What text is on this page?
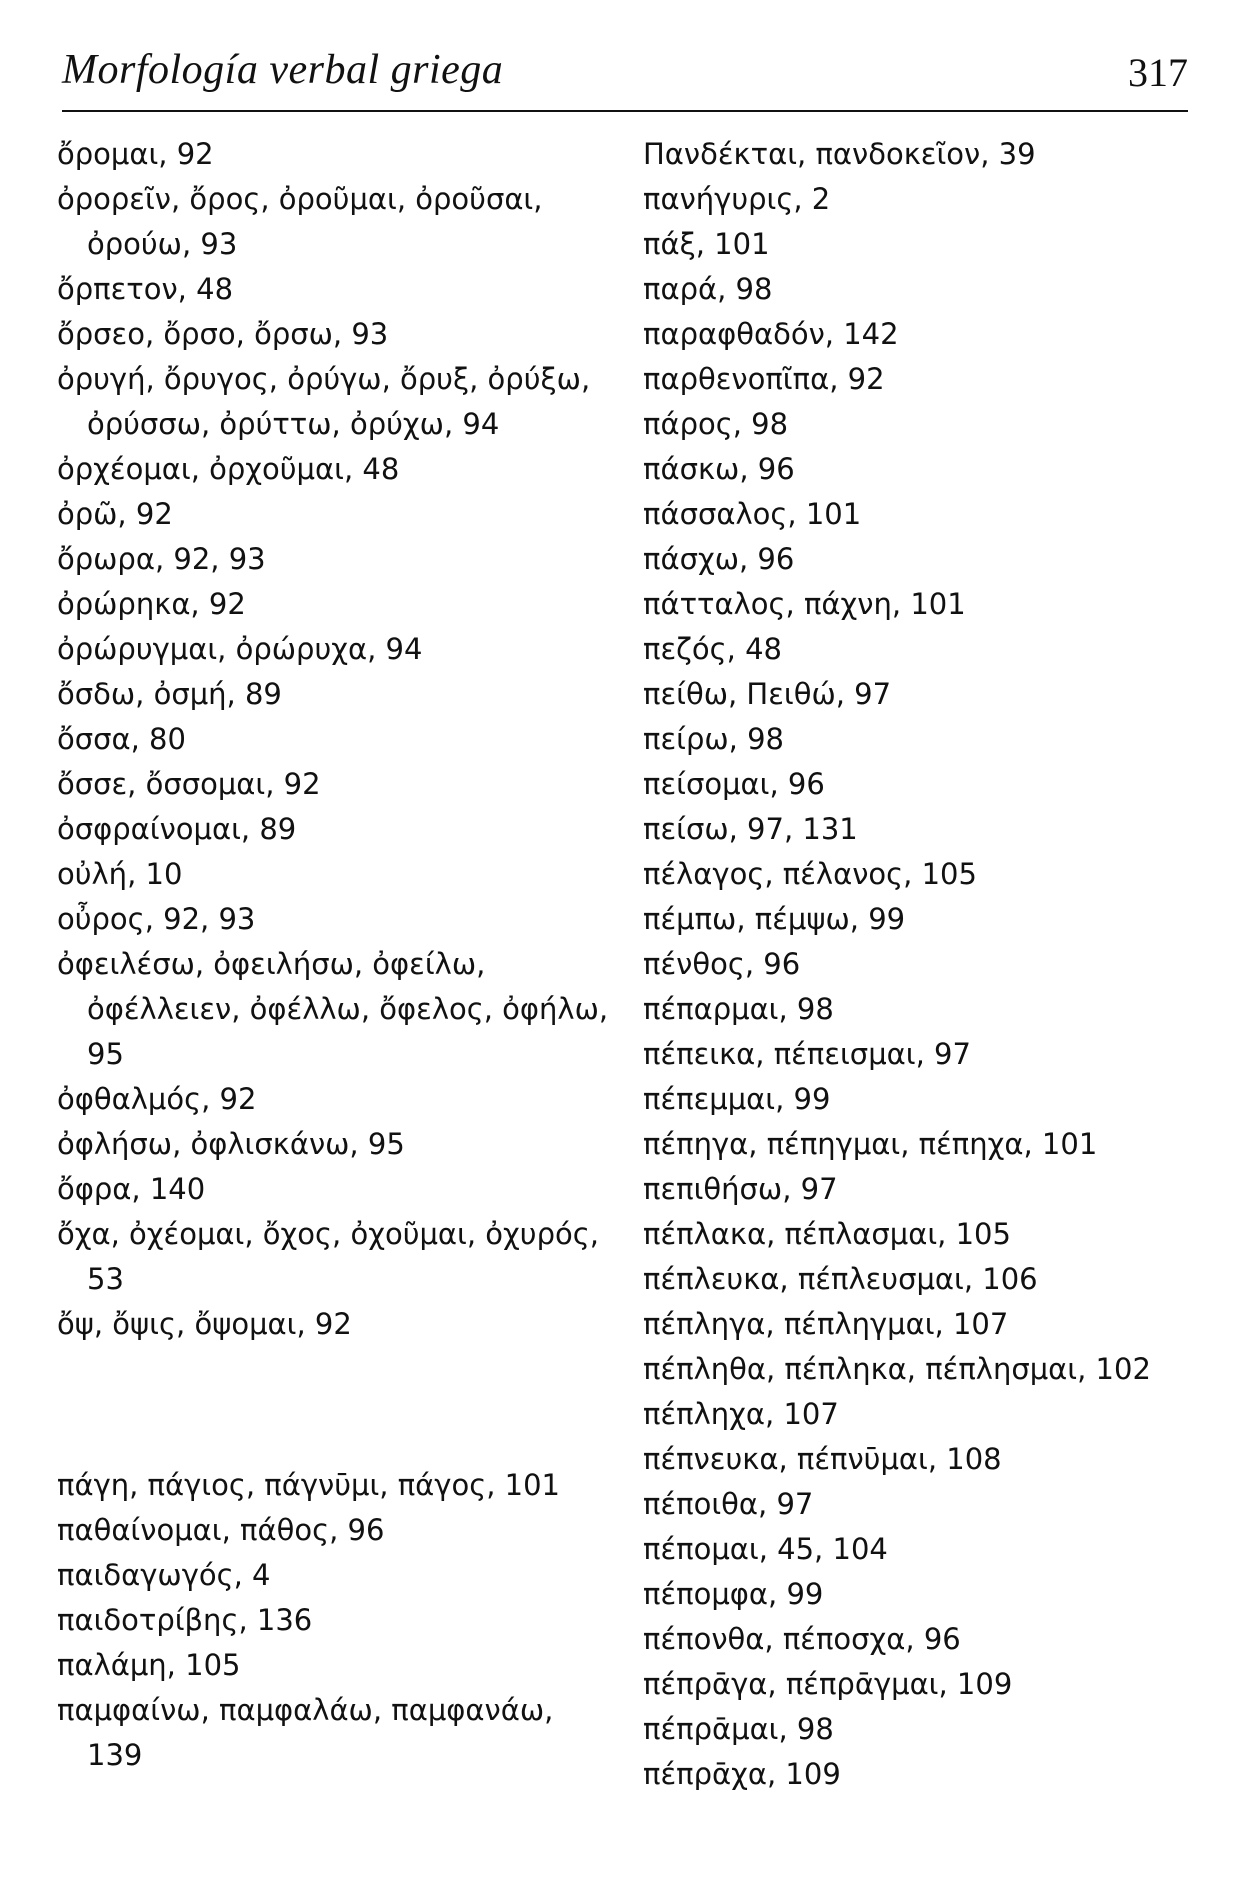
Morfología verbal griega	317

ὄρομαι, 92

ὀρορεῖν, ὄρος, ὀροῦμαι, ὀροῦσαι, ὀρούω, 93

ὄρπετον, 48

ὄρσεο, ὄρσο, ὄρσω, 93

ὀρυγή, ὄρυγος, ὀρύγω, ὄρυξ, ὀρύξω, ὀρύσσω, ὀρύττω, ὀρύχω, 94

ὀρχέομαι, ὀρχοῦμαι, 48

ὀρῶ, 92

ὄρωρα, 92, 93

ὀρώρηκα, 92

ὀρώρυγμαι, ὀρώρυχα, 94

ὄσδω, ὀσμή, 89

ὄσσα, 80

ὄσσε, ὄσσομαι, 92

ὀσφραίνομαι, 89

οὐλή, 10

οὖρος, 92, 93

ὀφειλέσω, ὀφειλήσω, ὀφείλω, ὀφέλλειεν, ὀφέλλω, ὄφελος, ὀφήλω, 95

ὀφθαλμός, 92

ὀφλήσω, ὀφλισκάνω, 95

ὄφρα, 140

ὄχα, ὀχέομαι, ὄχος, ὀχοῦμαι, ὀχυρός, 53

ὄψ, ὄψις, ὄψομαι, 92

πάγη, πάγιος, πάγνῡμι, πάγος, 101

παθαίνομαι, πάθος, 96

παιδαγωγός, 4

παιδοτρίβης, 136

παλάμη, 105

παμφαίνω, παμφαλάω, παμφανάω, 139

Πανδέκται, πανδοκεῖον, 39

πανήγυρις, 2

πάξ, 101

παρά, 98

παραφθαδόν, 142

παρθενοπῖπα, 92

πάρος, 98

πάσκω, 96

πάσσαλος, 101

πάσχω, 96

πάτταλος, πάχνη, 101

πεζός, 48

πείθω, Πειθώ, 97

πείρω, 98

πείσομαι, 96

πείσω, 97, 131

πέλαγος, πέλανος, 105

πέμπω, πέμψω, 99

πένθος, 96

πέπαρμαι, 98

πέπεικα, πέπεισμαι, 97

πέπεμμαι, 99

πέπηγα, πέπηγμαι, πέπηχα, 101

πεπιθήσω, 97

πέπλακα, πέπλασμαι, 105

πέπλευκα, πέπλευσμαι, 106

πέπληγα, πέπληγμαι, 107

πέπληθα, πέπληκα, πέπλησμαι, 102

πέπληχα, 107

πέπνευκα, πέπνῡμαι, 108

πέποιθα, 97

πέπομαι, 45, 104

πέπομφα, 99

πέπονθα, πέποσχα, 96

πέπρᾱγα, πέπρᾱγμαι, 109

πέπρᾱμαι, 98

πέπρᾱχα, 109
